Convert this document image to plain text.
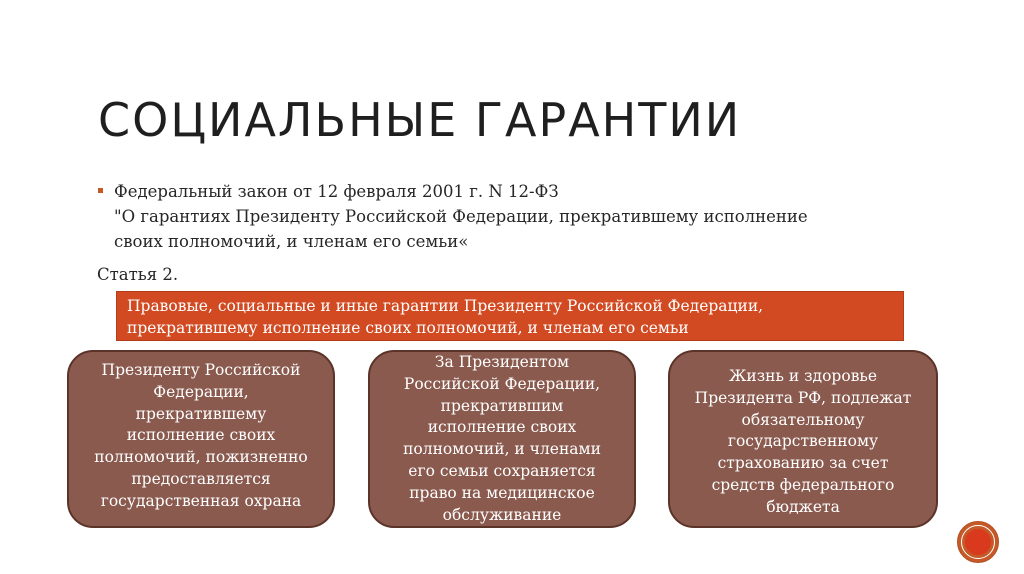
СОЦИАЛЬНЫЕ ГАРАНТИИ
Федеральный закон от 12 февраля 2001 г. N 12-ФЗ
"О гарантиях Президенту Российской Федерации, прекратившему исполнение
своих полномочий, и членам его семьи«
Статья 2.
Правовые, социальные и иные гарантии Президенту Российской Федерации,
прекратившему исполнение своих полномочий, и членам его семьи
Президенту Российской
Федерации,
прекратившему
исполнение своих
полномочий, пожизненно
предоставляется
государственная охрана
За Президентом
Российской Федерации,
прекратившим
исполнение своих
полномочий, и членами
его семьи сохраняется
право на медицинское
обслуживание
Жизнь и здоровье
Президента РФ, подлежат
обязательному
государственному
страхованию за счет
средств федерального
бюджета
